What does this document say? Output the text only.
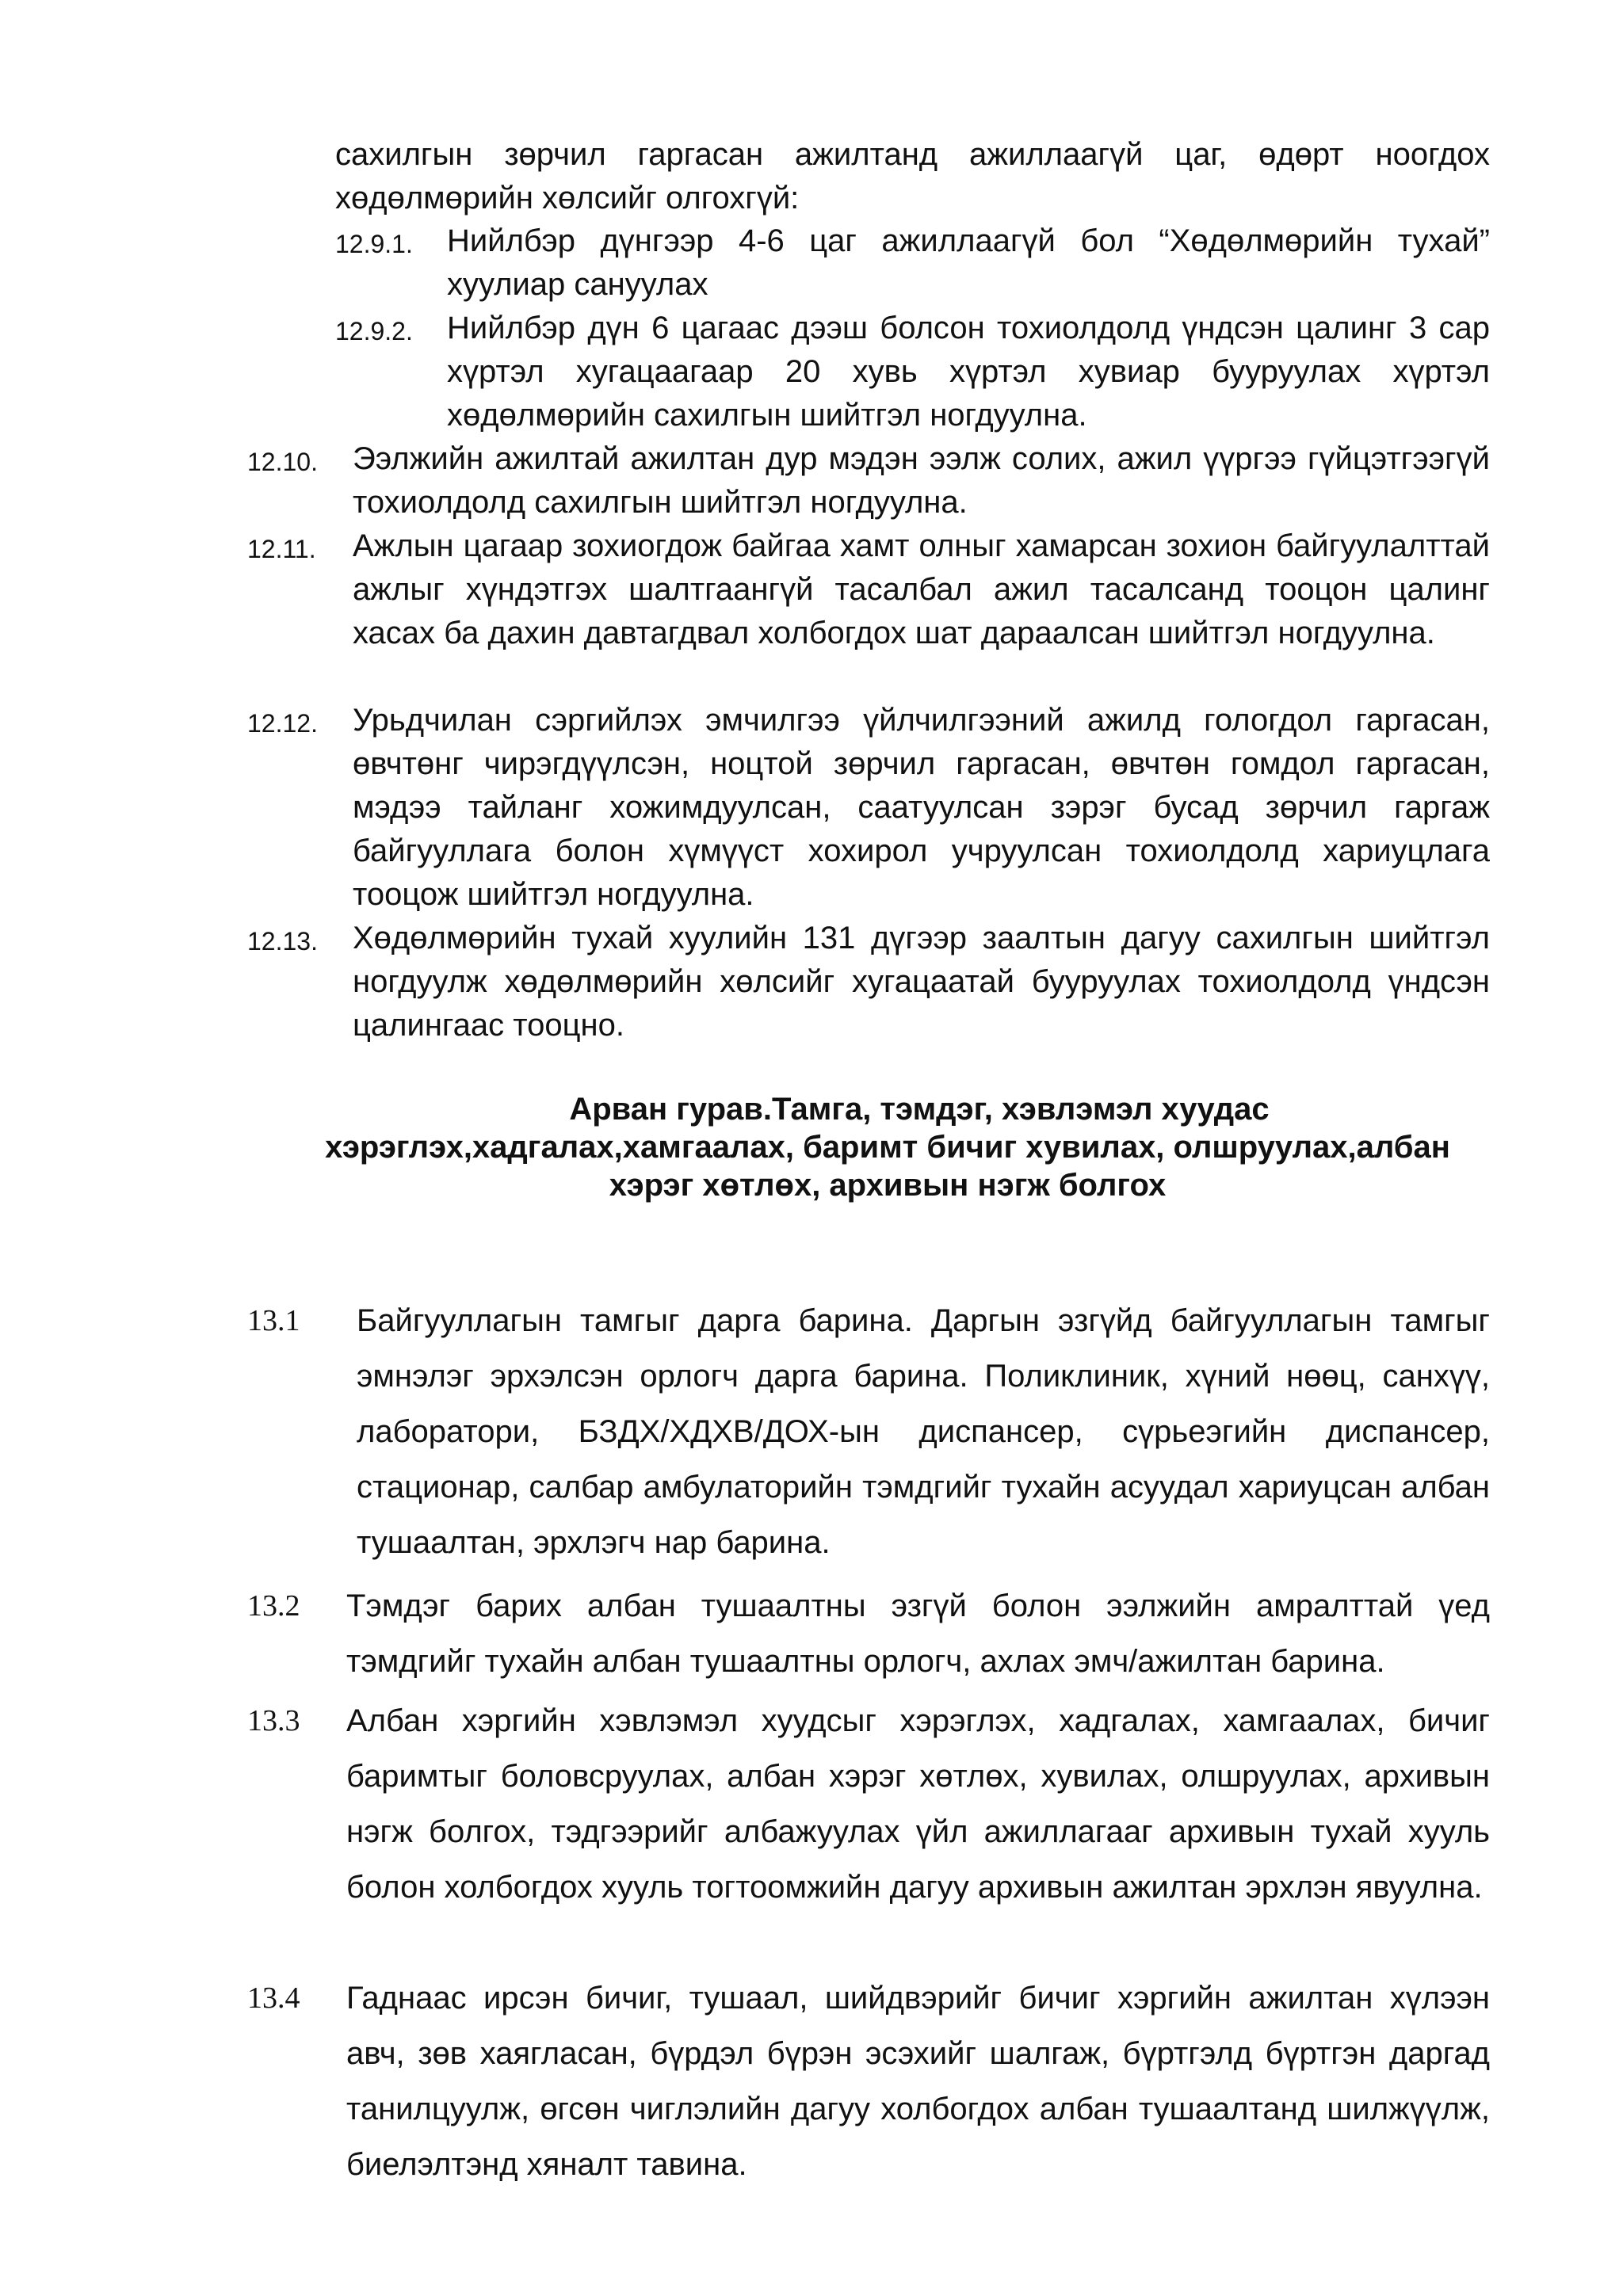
сахилгын зөрчил гаргасан ажилтанд ажиллаагүй цаг, өдөрт ноогдох хөдөлмөрийн хөлсийг олгохгүй:
12.9.1. Нийлбэр дүнгээр 4-6 цаг ажиллаагүй бол “Хөдөлмөрийн тухай” хуулиар сануулах
12.9.2. Нийлбэр дүн 6 цагаас дээш болсон тохиолдолд үндсэн цалинг 3 сар хүртэл хугацаагаар 20 хувь хүртэл хувиар бууруулах хүртэл хөдөлмөрийн сахилгын шийтгэл ногдуулна.
12.10. Ээлжийн ажилтай ажилтан дур мэдэн ээлж солих, ажил үүргээ гүйцэтгээгүй тохиолдолд сахилгын шийтгэл ногдуулна.
12.11. Ажлын цагаар зохиогдож байгаа хамт олныг хамарсан зохион байгуулалттай ажлыг хүндэтгэх шалтгаангүй тасалбал ажил тасалсанд тооцон цалинг хасах ба дахин давтагдвал холбогдох шат дараалсан шийтгэл ногдуулна.
12.12. Урьдчилан сэргийлэх эмчилгээ үйлчилгээний ажилд гологдол гаргасан, өвчтөнг чирэгдүүлсэн, ноцтой зөрчил гаргасан, өвчтөн гомдол гаргасан, мэдээ тайланг хожимдуулсан, саатуулсан зэрэг бусад зөрчил гаргаж байгууллага болон хүмүүст хохирол учруулсан тохиолдолд хариуцлага тооцож шийтгэл ногдуулна.
12.13. Хөдөлмөрийн тухай хуулийн 131 дүгээр заалтын дагуу сахилгын шийтгэл ногдуулж хөдөлмөрийн хөлсийг хугацаатай бууруулах тохиолдолд үндсэн цалингаас тооцно.
Арван гурав.Тамга, тэмдэг, хэвлэмэл хуудас
хэрэглэх,хадгалах,хамгаалах, баримт бичиг хувилах, олшруулах,албан
хэрэг хөтлөх, архивын нэгж болгох
13.1 Байгууллагын тамгыг дарга барина. Даргын эзгүйд байгууллагын тамгыг эмнэлэг эрхэлсэн орлогч дарга барина. Поликлиник, хүний нөөц, санхүү, лаборатори, БЗДХ/ХДХВ/ДОХ-ын диспансер, сүрьеэгийн диспансер, стационар, салбар амбулаторийн тэмдгийг тухайн асуудал хариуцсан албан тушаалтан, эрхлэгч нар барина.
13.2 Тэмдэг барих албан тушаалтны эзгүй болон ээлжийн амралттай үед тэмдгийг тухайн албан тушаалтны орлогч, ахлах эмч/ажилтан барина.
13.3 Албан хэргийн хэвлэмэл хуудсыг хэрэглэх, хадгалах, хамгаалах, бичиг баримтыг боловсруулах, албан хэрэг хөтлөх, хувилах, олшруулах, архивын нэгж болгох, тэдгээрийг албажуулах үйл ажиллагааг архивын тухай хууль болон холбогдох хууль тогтоомжийн дагуу архивын ажилтан эрхлэн явуулна.
13.4 Гаднаас ирсэн бичиг, тушаал, шийдвэрийг бичиг хэргийн ажилтан хүлээн авч, зөв хаягласан, бүрдэл бүрэн эсэхийг шалгаж, бүртгэлд бүртгэн даргад танилцуулж, өгсөн чиглэлийн дагуу холбогдох албан тушаалтанд шилжүүлж, биелэлтэнд хяналт тавина.
